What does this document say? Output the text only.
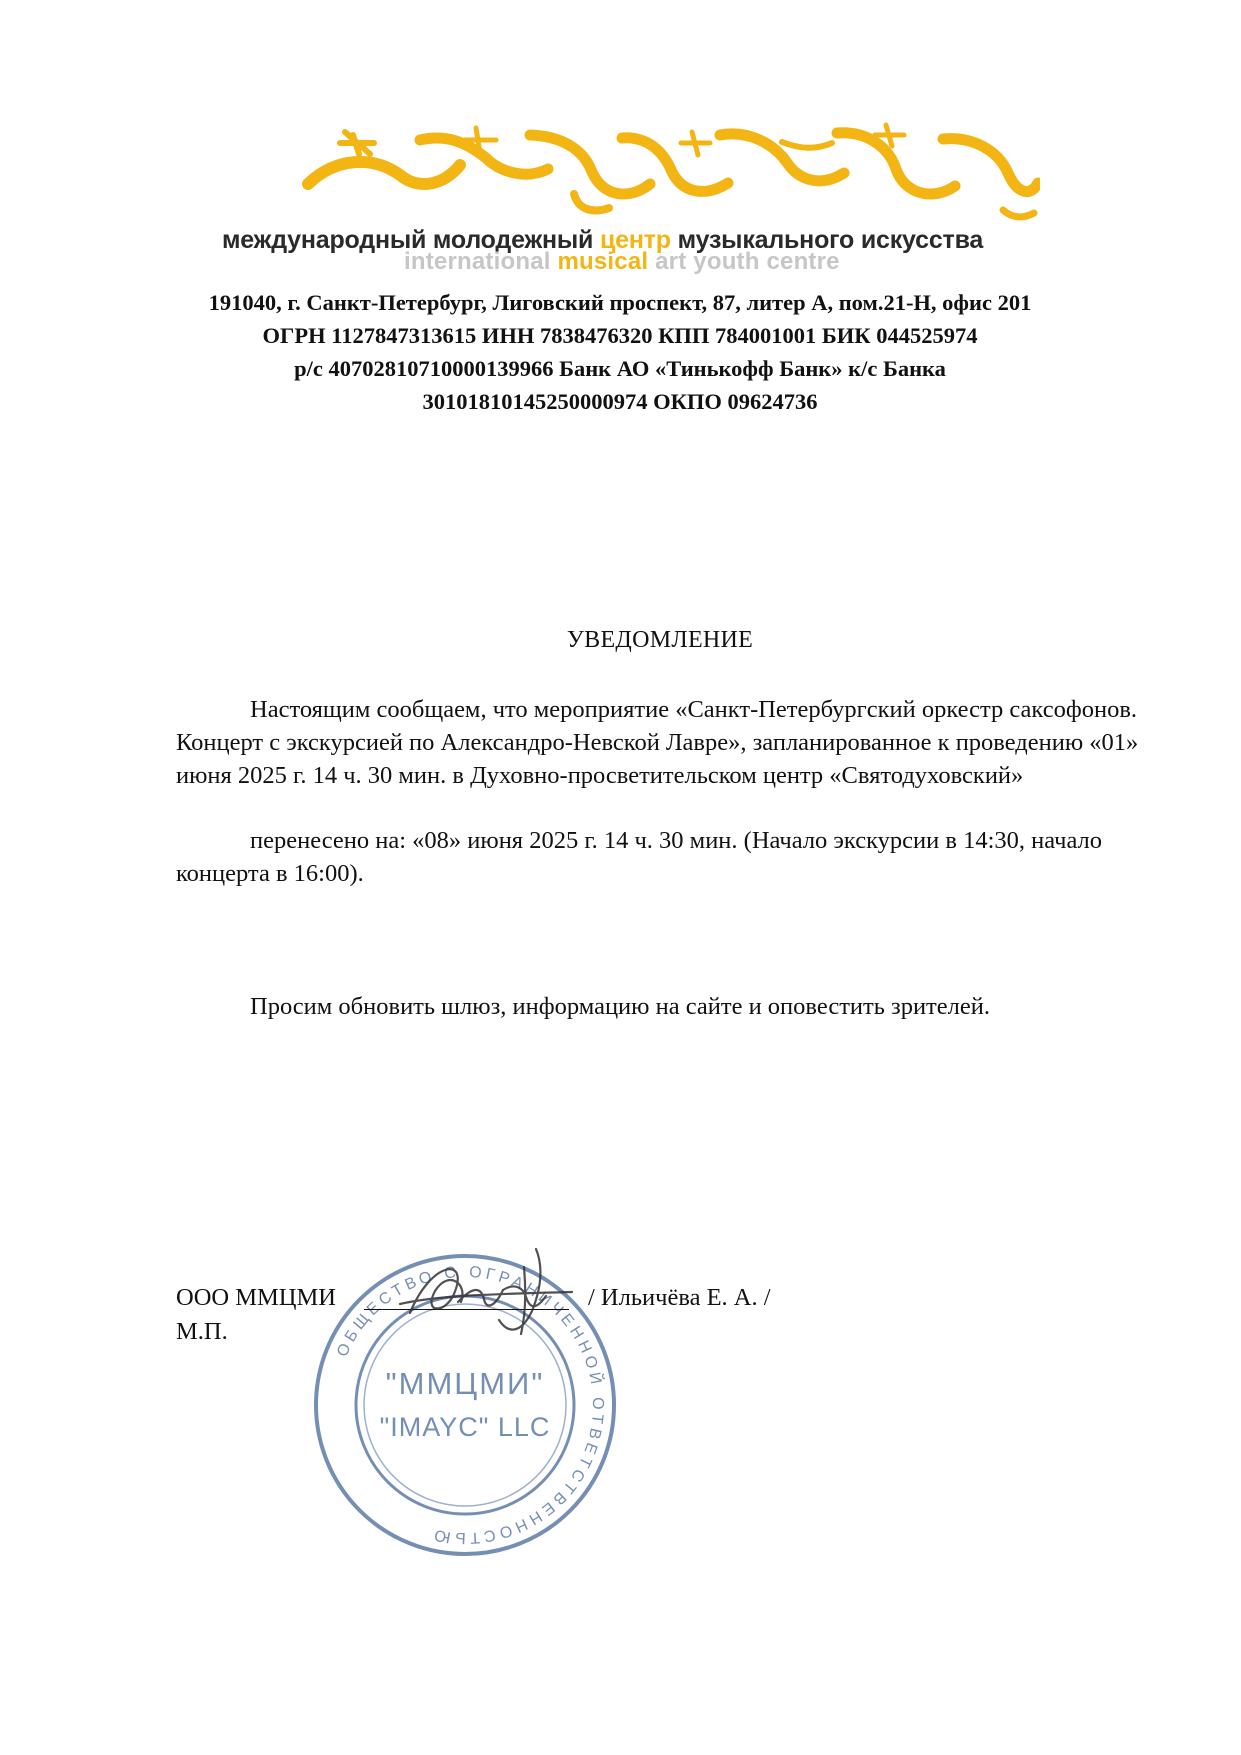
международный молодежный центр музыкального искусства
international musical art youth centre
191040, г. Санкт-Петербург, Лиговский проспект, 87, литер А, пом.21-Н, офис 201
ОГРН 1127847313615 ИНН 7838476320 КПП 784001001 БИК 044525974
р/с 40702810710000139966 Банк АО «Тинькофф Банк» к/с Банка
30101810145250000974 ОКПО 09624736
УВЕДОМЛЕНИЕ

Настоящим сообщаем, что мероприятие «Санкт-Петербургский оркестр саксофонов. Концерт с экскурсией по Александро-Невской Лавре», запланированное к проведению «01» июня 2025 г. 14 ч. 30 мин. в Духовно-просветительском центр «Святодуховский»

перенесено на: «08» июня 2025 г. 14 ч. 30 мин. (Начало экскурсии в 14:30, начало концерта в 16:00).

Просим обновить шлюз, информацию на сайте и оповестить зрителей.

ОБЩЕСТВО С ОГРАНИЧЕННОЙ ОТВЕТСТВЕННОСТЬЮ
"ММЦМИ"
"IMAYC" LLC
ООО ММЦМИ	/ Ильичёва Е. А. /
М.П.
